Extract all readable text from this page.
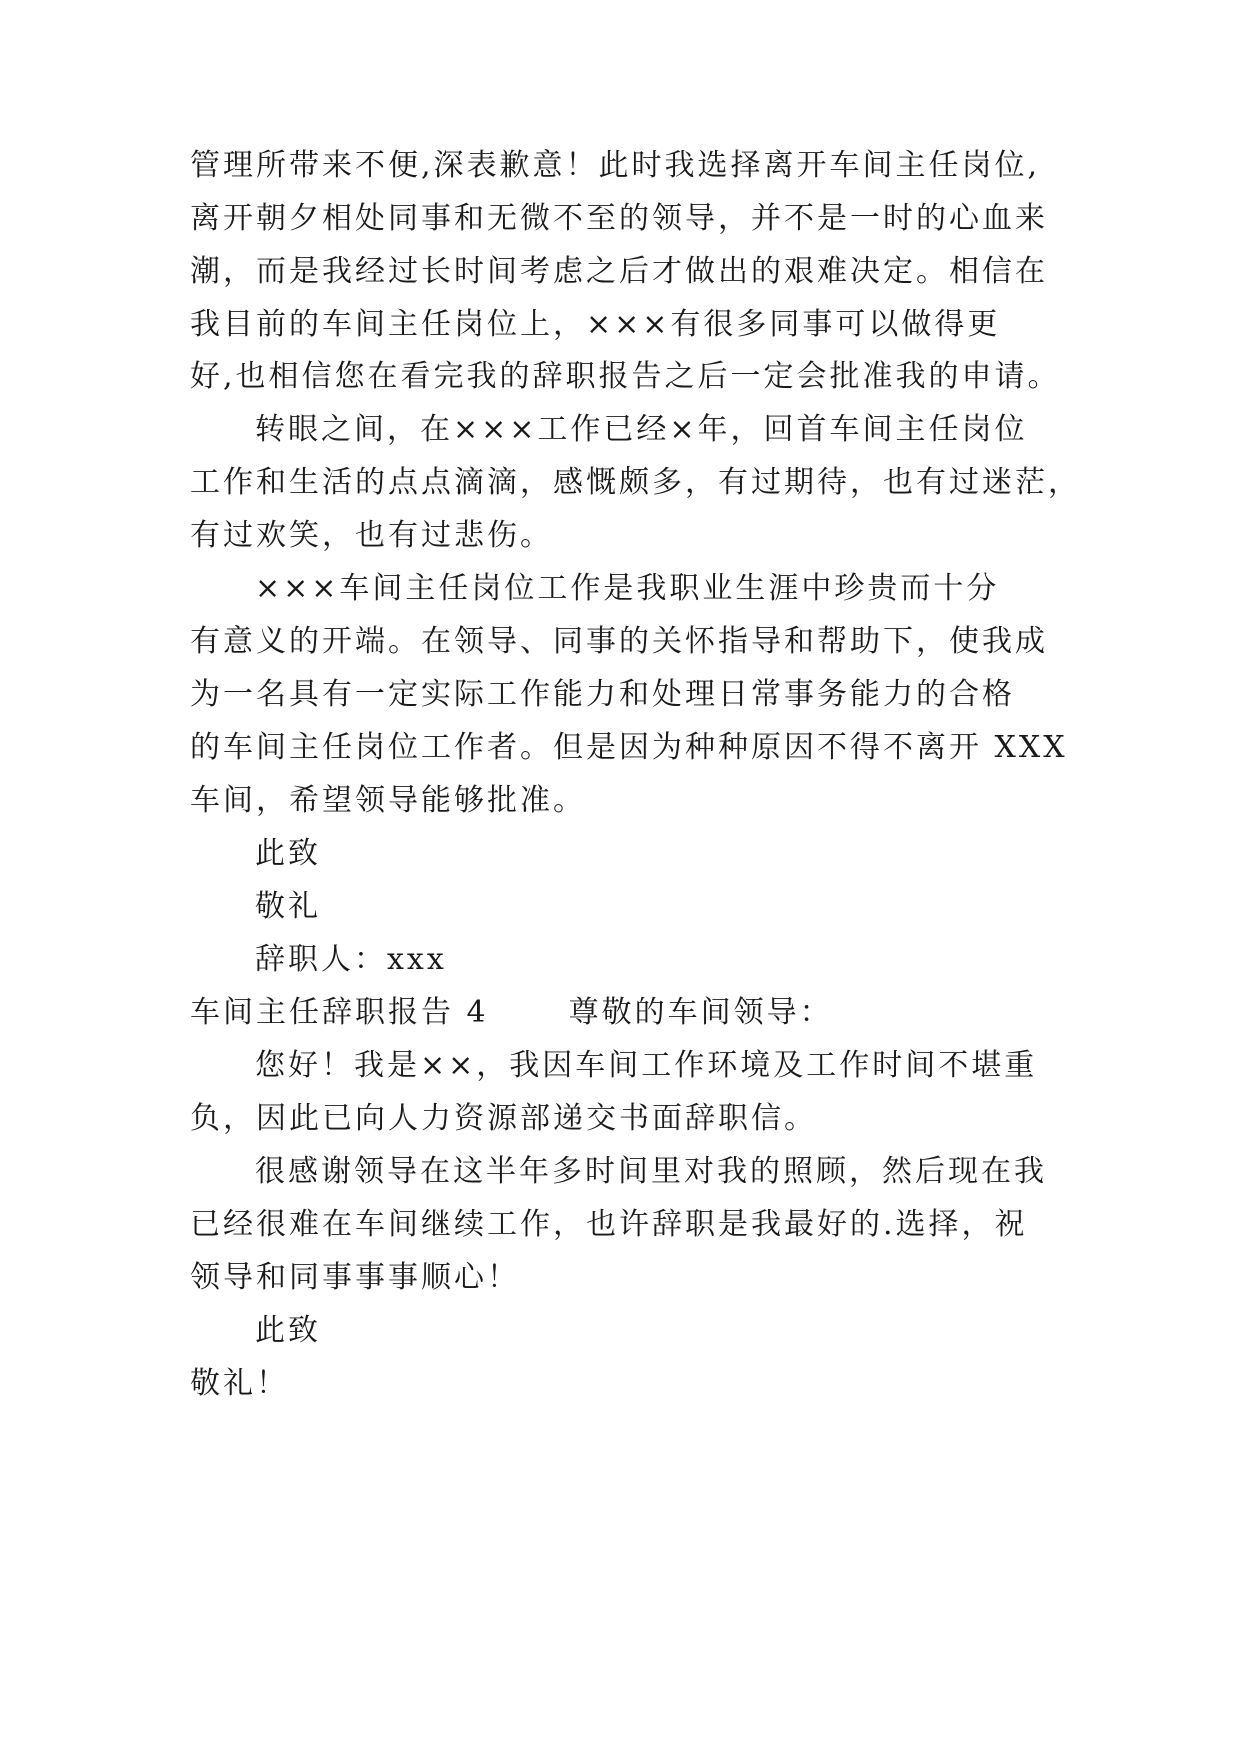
管理所带来不便,深表歉意！此时我选择离开车间主任岗位,
离开朝夕相处同事和无微不至的领导，并不是一时的心血来
潮，而是我经过长时间考虑之后才做出的艰难决定。相信在
我目前的车间主任岗位上，×××有很多同事可以做得更
好,也相信您在看完我的辞职报告之后一定会批准我的申请。
转眼之间，在×××工作已经×年，回首车间主任岗位
工作和生活的点点滴滴，感慨颇多，有过期待，也有过迷茫，
有过欢笑，也有过悲伤。
×××车间主任岗位工作是我职业生涯中珍贵而十分
有意义的开端。在领导、同事的关怀指导和帮助下，使我成
为一名具有一定实际工作能力和处理日常事务能力的合格
的车间主任岗位工作者。但是因为种种原因不得不离开 XXX
车间，希望领导能够批准。
此致
敬礼
辞职人：xxx
车间主任辞职报告 4	尊敬的车间领导：
您好！我是××，我因车间工作环境及工作时间不堪重
负，因此已向人力资源部递交书面辞职信。
很感谢领导在这半年多时间里对我的照顾，然后现在我
已经很难在车间继续工作，也许辞职是我最好的.选择，祝
领导和同事事事顺心！
此致
敬礼！
